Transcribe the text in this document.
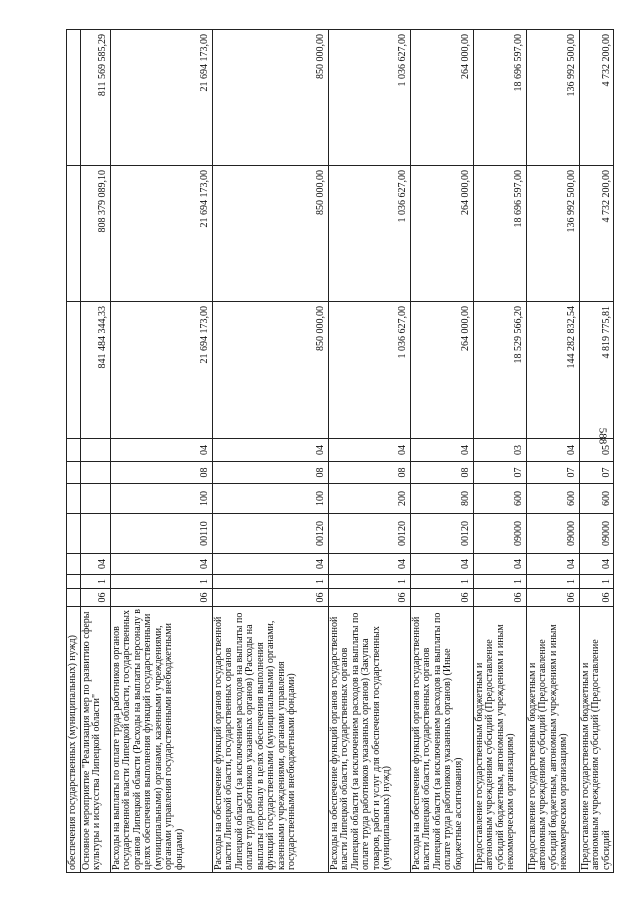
588
обеспечения государственных (муниципальных) нужд)										
Основное мероприятие "Реализация мер по развитию сферы культуры и искусства Липецкой области"	06	1	04					841 484 344,33	808 379 089,10	811 569 585,29
Расходы на выплаты по оплате труда работников органов государственной власти Липецкой области, государственных органов Липецкой области (Расходы на выплаты персоналу в целях обеспечения выполнения функций государственными (муниципальными) органами, казенными учреждениями, органами управления государственными внебюджетными фондами)	06	1	04	00110	100	08	04	21 694 173,00	21 694 173,00	21 694 173,00
Расходы на обеспечение функций органов государственной власти Липецкой области, государственных органов Липецкой области (за исключением расходов на выплаты по оплате труда работников указанных органов) (Расходы на выплаты персоналу в целях обеспечения выполнения функций государственными (муниципальными) органами, казенными учреждениями, органами управления государственными внебюджетными фондами)	06	1	04	00120	100	08	04	850 000,00	850 000,00	850 000,00
Расходы на обеспечение функций органов государственной власти Липецкой области, государственных органов Липецкой области (за исключением расходов на выплаты по оплате труда работников указанных органов) (Закупка товаров, работ и услуг для обеспечения государственных (муниципальных) нужд)	06	1	04	00120	200	08	04	1 036 627,00	1 036 627,00	1 036 627,00
Расходы на обеспечение функций органов государственной власти Липецкой области, государственных органов Липецкой области (за исключением расходов на выплаты по оплате труда работников указанных органов) (Иные бюджетные ассигнования)	06	1	04	00120	800	08	04	264 000,00	264 000,00	264 000,00
Предоставление государственным бюджетным и автономным учреждениям субсидий (Предоставление субсидий бюджетным, автономным учреждениям и иным некоммерческим организациям)	06	1	04	09000	600	07	03	18 529 566,20	18 696 597,00	18 696 597,00
Предоставление государственным бюджетным и автономным учреждениям субсидий (Предоставление субсидий бюджетным, автономным учреждениям и иным некоммерческим организациям)	06	1	04	09000	600	07	04	144 282 832,54	136 992 500,00	136 992 500,00
Предоставление государственным бюджетным и автономным учреждениям субсидий (Предоставление субсидий	06	1	04	09000	600	07	05	4 819 775,81	4 732 200,00	4 732 200,00
